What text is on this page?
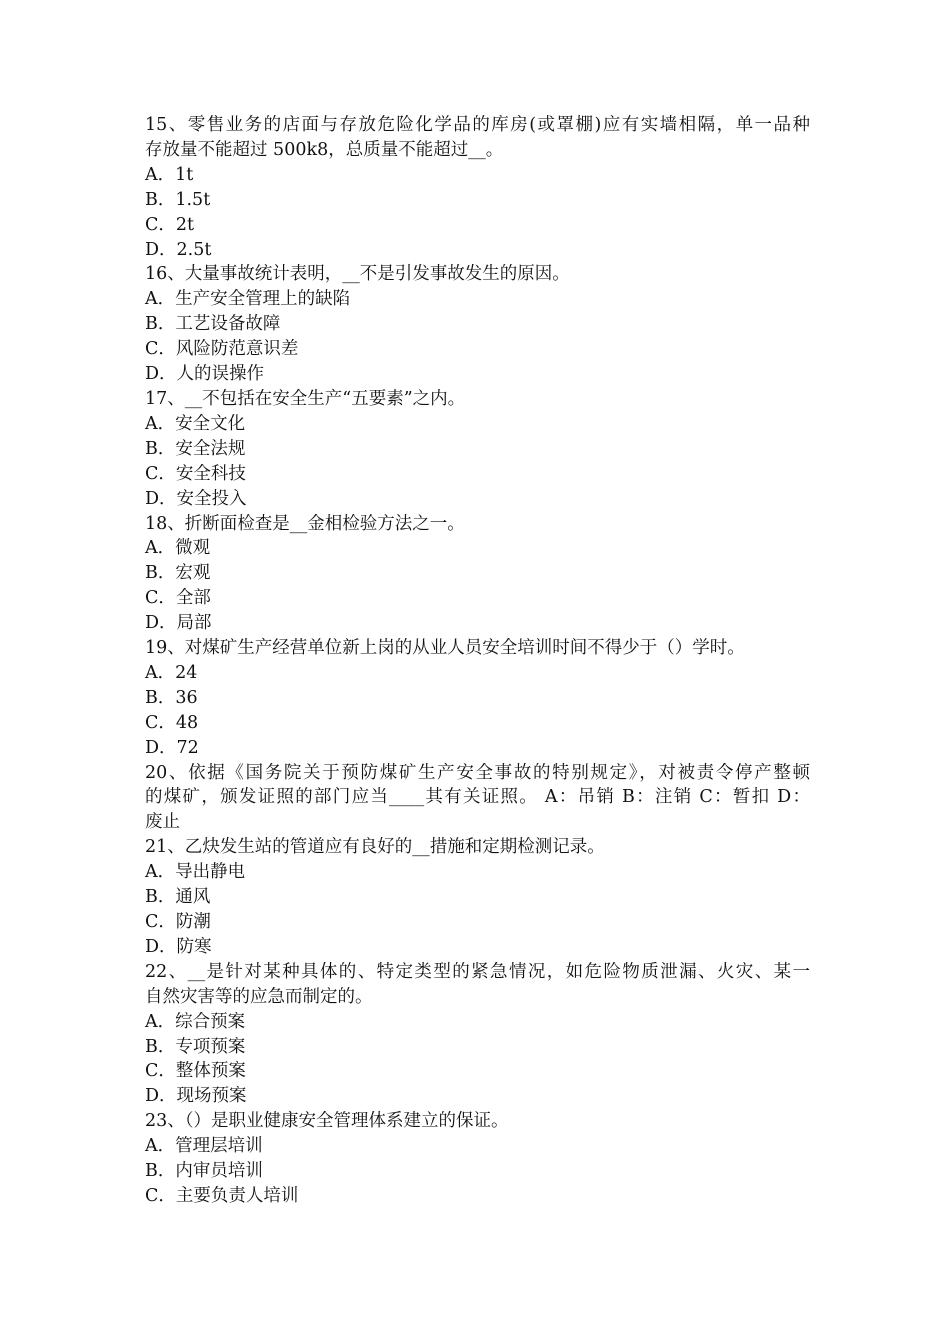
15、零售业务的店面与存放危险化学品的库房(或罩棚)应有实墙相隔，单一品种
存放量不能超过 500k8，总质量不能超过__。
A．1t
B．1.5t
C．2t
D．2.5t
16、大量事故统计表明，__不是引发事故发生的原因。
A．生产安全管理上的缺陷
B．工艺设备故障
C．风险防范意识差
D．人的误操作
17、__不包括在安全生产“五要素”之内。
A．安全文化
B．安全法规
C．安全科技
D．安全投入
18、折断面检查是__金相检验方法之一。
A．微观
B．宏观
C．全部
D．局部
19、对煤矿生产经营单位新上岗的从业人员安全培训时间不得少于（）学时。
A．24
B．36
C．48
D．72
20、依据《国务院关于预防煤矿生产安全事故的特别规定》，对被责令停产整顿
的煤矿，颁发证照的部门应当____其有关证照。 A：吊销 B：注销 C：暂扣 D：
废止
21、乙炔发生站的管道应有良好的__措施和定期检测记录。
A．导出静电
B．通风
C．防潮
D．防寒
22、__是针对某种具体的、特定类型的紧急情况，如危险物质泄漏、火灾、某一
自然灾害等的应急而制定的。
A．综合预案
B．专项预案
C．整体预案
D．现场预案
23、（）是职业健康安全管理体系建立的保证。
A．管理层培训
B．内审员培训
C．主要负责人培训
